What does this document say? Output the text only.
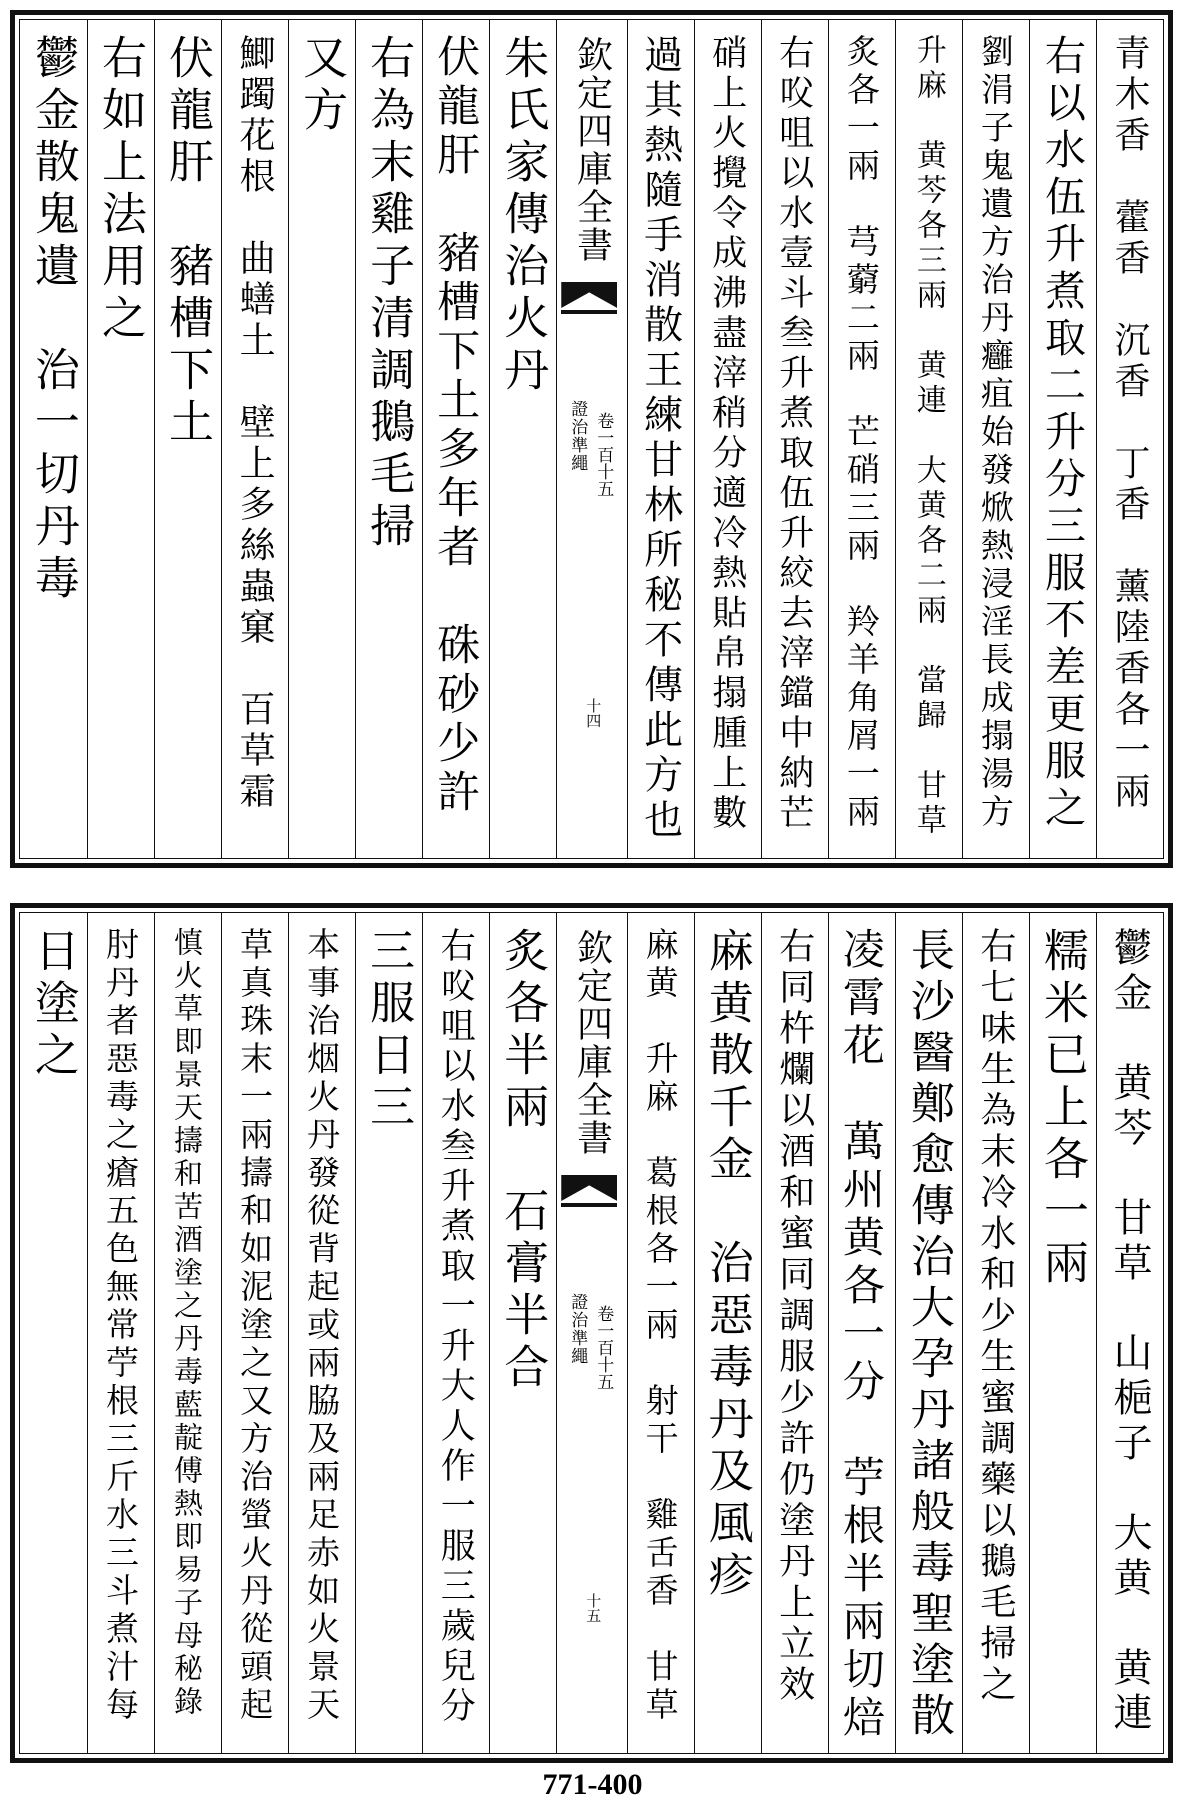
青木香　藿香　沉香　丁香　薰陸香各一兩
右以水伍升煮取二升分三服不差更服之
劉涓子鬼遺方治丹癰疽始發焮熱浸淫長成搨湯方
升麻　黄芩各三兩　黄連　大黄各二兩　當歸　甘草
炙各一兩　芎藭二兩　芒硝三兩　羚羊角屑一兩
右㕮咀以水壹斗叁升煮取伍升絞去滓鐺中納芒
硝上火攪令成沸盡滓稍分適冷熱貼帛搨腫上數
過其熱隨手消散王練甘林所秘不傳此方也
欽定四庫全書
證治準繩 卷一百十五
十四
朱氏家傳治火丹
伏龍肝　豬槽下土多年者　硃砂少許
右為末雞子清調鵝毛掃
又方
鯽躅花根　曲蟮土　壁上多絲蟲窠　百草霜
伏龍肝　豬槽下土
右如上法用之
鬱金散鬼遺　治一切丹毒
鬱金　黄芩　甘草　山梔子　大黄　黄連
糯米已上各一兩
右七味生為末冷水和少生蜜調藥以鵝毛掃之
長沙醫鄭愈傳治大孕丹諸般毒聖塗散
凌霄花　萬州黄各一分　苧根半兩切焙
右同杵爛以酒和蜜同調服少許仍塗丹上立效
麻黄散千金　治惡毒丹及風疹
麻黄　升麻　葛根各一兩　射干　雞舌香　甘草
欽定四庫全書
證治準繩 卷一百十五
十五
炙各半兩　石膏半合
右㕮咀以水叁升煮取一升大人作一服三歲兒分
三服日三
本事治烟火丹發從背起或兩脇及兩足赤如火景天
草真珠末一兩擣和如泥塗之又方治螢火丹從頭起
慎火草即景天擣和苦酒塗之丹毒藍靛傅熱即易子母秘錄
肘丹者惡毒之瘡五色無常苧根三斤水三斗煮汁每
日塗之
771-400
